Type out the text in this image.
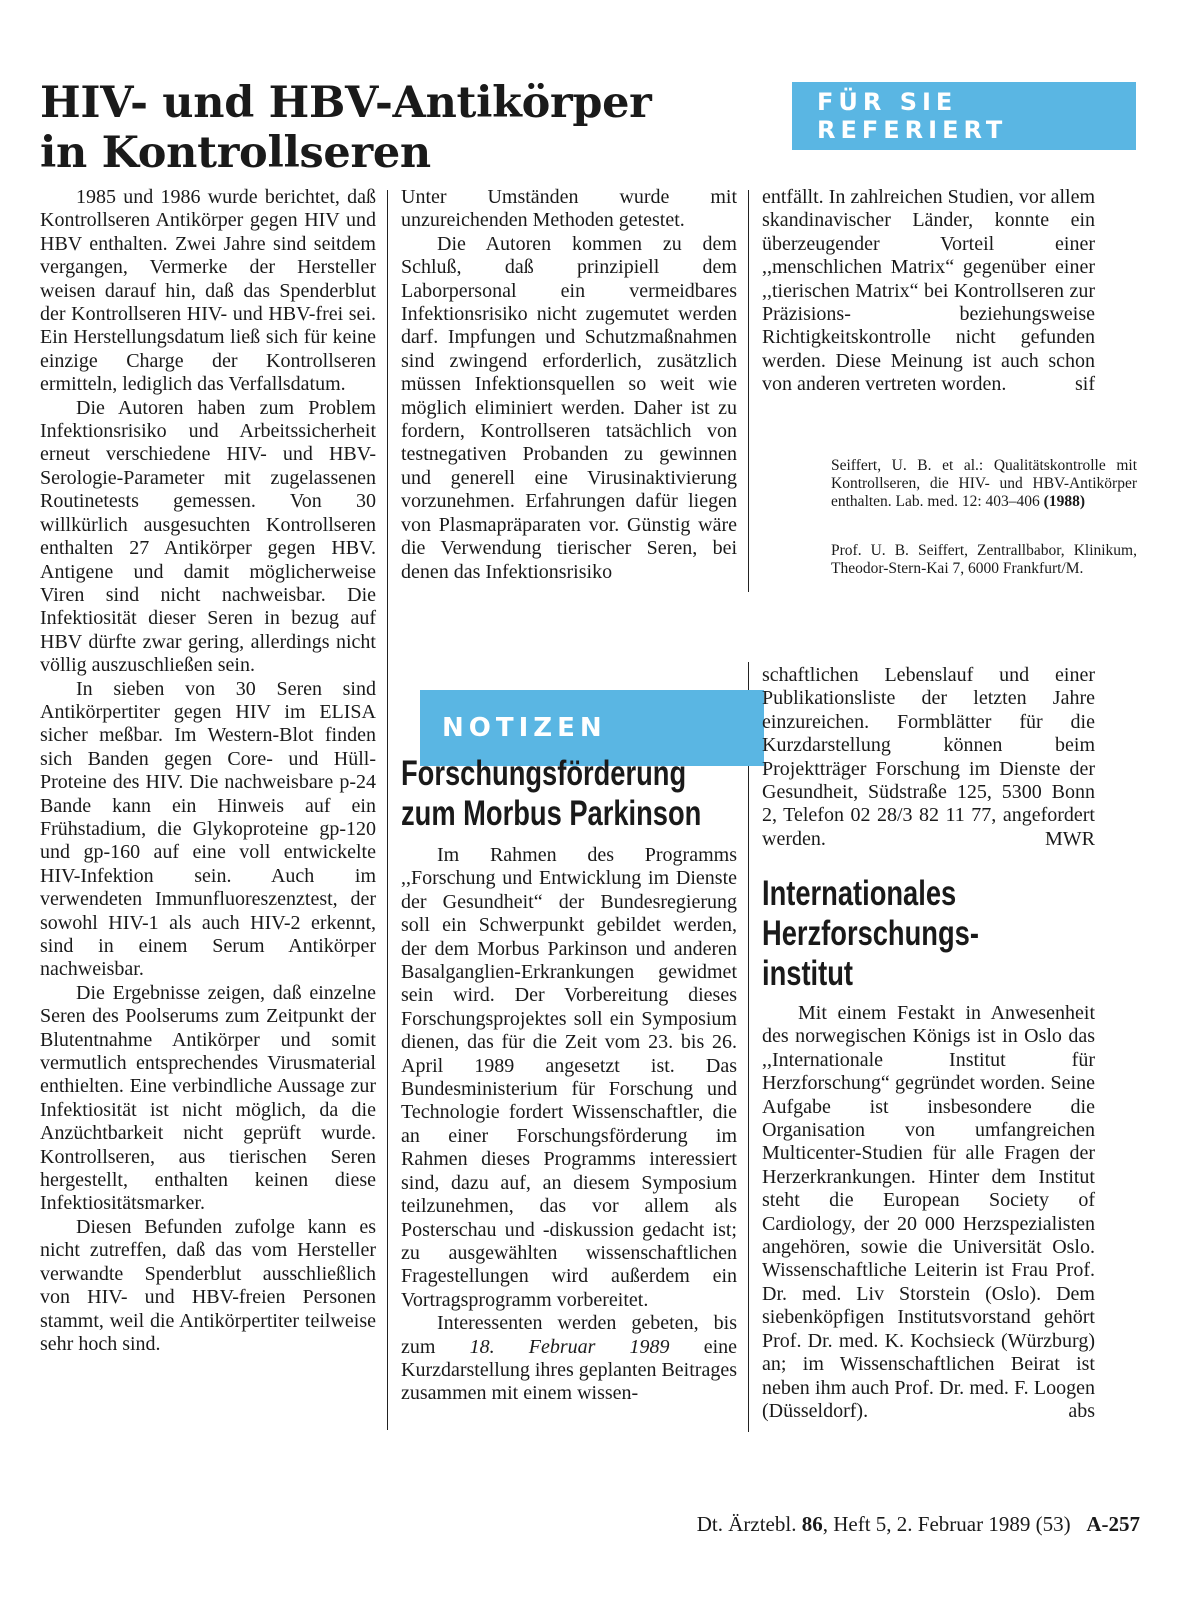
HIV- und HBV-Antikörper
in Kontrollseren
FÜR SIE REFERIERT

1985 und 1986 wurde berichtet, daß Kontrollseren Antikörper gegen HIV und HBV enthalten. Zwei Jahre sind seitdem vergangen, Vermerke der Hersteller weisen darauf hin, daß das Spenderblut der Kontrollseren HIV- und HBV-frei sei. Ein Herstellungsdatum ließ sich für keine einzige Charge der Kontrollseren ermitteln, lediglich das Verfallsdatum.

Die Autoren haben zum Problem Infektionsrisiko und Arbeitssicherheit erneut verschiedene HIV- und HBV-Serologie-Parameter mit zugelassenen Routinetests gemessen. Von 30 willkürlich ausgesuchten Kontrollseren enthalten 27 Antikörper gegen HBV. Antigene und damit möglicherweise Viren sind nicht nachweisbar. Die Infektiosität dieser Seren in bezug auf HBV dürfte zwar gering, allerdings nicht völlig auszuschließen sein.

In sieben von 30 Seren sind Antikörpertiter gegen HIV im ELISA sicher meßbar. Im Western-Blot finden sich Banden gegen Core- und Hüll-Proteine des HIV. Die nachweisbare p-24 Bande kann ein Hinweis auf ein Frühstadium, die Glykoproteine gp-120 und gp-160 auf eine voll entwickelte HIV-Infektion sein. Auch im verwendeten Immunfluoreszenztest, der sowohl HIV-1 als auch HIV-2 erkennt, sind in einem Serum Antikörper nachweisbar.

Die Ergebnisse zeigen, daß einzelne Seren des Poolserums zum Zeitpunkt der Blutentnahme Antikörper und somit vermutlich entsprechendes Virusmaterial enthielten. Eine verbindliche Aussage zur Infektiosität ist nicht möglich, da die Anzüchtbarkeit nicht geprüft wurde. Kontrollseren, aus tierischen Seren hergestellt, enthalten keinen diese Infektiositätsmarker.

Diesen Befunden zufolge kann es nicht zutreffen, daß das vom Hersteller verwandte Spenderblut ausschließlich von HIV- und HBV-freien Personen stammt, weil die Antikörpertiter teilweise sehr hoch sind.

Unter Umständen wurde mit unzureichenden Methoden getestet.

Die Autoren kommen zu dem Schluß, daß prinzipiell dem Laborpersonal ein vermeidbares Infektionsrisiko nicht zugemutet werden darf. Impfungen und Schutzmaßnahmen sind zwingend erforderlich, zusätzlich müssen Infektionsquellen so weit wie möglich eliminiert werden. Daher ist zu fordern, Kontrollseren tatsächlich von testnegativen Probanden zu gewinnen und generell eine Virusinaktivierung vorzunehmen. Erfahrungen dafür liegen von Plasmapräparaten vor. Günstig wäre die Verwendung tierischer Seren, bei denen das Infektionsrisiko

entfällt. In zahlreichen Studien, vor allem skandinavischer Länder, konnte ein überzeugender Vorteil einer ,,menschlichen Matrix“ gegenüber einer ,,tierischen Matrix“ bei Kontrollseren zur Präzisions- beziehungsweise Richtigkeitskontrolle nicht gefunden werden. Diese Meinung ist auch schon von anderen vertreten worden.	sif

Seiffert, U. B. et al.: Qualitätskontrolle mit Kontrollseren, die HIV- und HBV-Antikörper enthalten. Lab. med. 12: 403–406 (1988)

Prof. U. B. Seiffert, Zentrallbabor, Klinikum, Theodor-Stern-Kai 7, 6000 Frankfurt/M.

NOTIZEN
Forschungsförderung
zum Morbus Parkinson

Im Rahmen des Programms ,,Forschung und Entwicklung im Dienste der Gesundheit“ der Bundesregierung soll ein Schwerpunkt gebildet werden, der dem Morbus Parkinson und anderen Basalganglien-Erkrankungen gewidmet sein wird. Der Vorbereitung dieses Forschungsprojektes soll ein Symposium dienen, das für die Zeit vom 23. bis 26. April 1989 angesetzt ist. Das Bundesministerium für Forschung und Technologie fordert Wissenschaftler, die an einer Forschungsförderung im Rahmen dieses Programms interessiert sind, dazu auf, an diesem Symposium teilzunehmen, das vor allem als Posterschau und -diskussion gedacht ist; zu ausgewählten wissenschaftlichen Fragestellungen wird außerdem ein Vortragsprogramm vorbereitet.

Interessenten werden gebeten, bis zum 18. Februar 1989 eine Kurzdarstellung ihres geplanten Beitrages zusammen mit einem wissen-

schaftlichen Lebenslauf und einer Publikationsliste der letzten Jahre einzureichen. Formblätter für die Kurzdarstellung können beim Projektträger Forschung im Dienste der Gesundheit, Südstraße 125, 5300 Bonn 2, Telefon 02 28/3 82 11 77, angefordert werden.	MWR

Internationales
Herzforschungs-
institut

Mit einem Festakt in Anwesenheit des norwegischen Königs ist in Oslo das ,,Internationale Institut für Herzforschung“ gegründet worden. Seine Aufgabe ist insbesondere die Organisation von umfangreichen Multicenter-Studien für alle Fragen der Herzerkrankungen. Hinter dem Institut steht die European Society of Cardiology, der 20 000 Herzspezialisten angehören, sowie die Universität Oslo. Wissenschaftliche Leiterin ist Frau Prof. Dr. med. Liv Storstein (Oslo). Dem siebenköpfigen Institutsvorstand gehört Prof. Dr. med. K. Kochsieck (Würzburg) an; im Wissenschaftlichen Beirat ist neben ihm auch Prof. Dr. med. F. Loogen (Düsseldorf).	abs

Dt. Ärztebl. 86, Heft 5, 2. Februar 1989 (53) A-257
